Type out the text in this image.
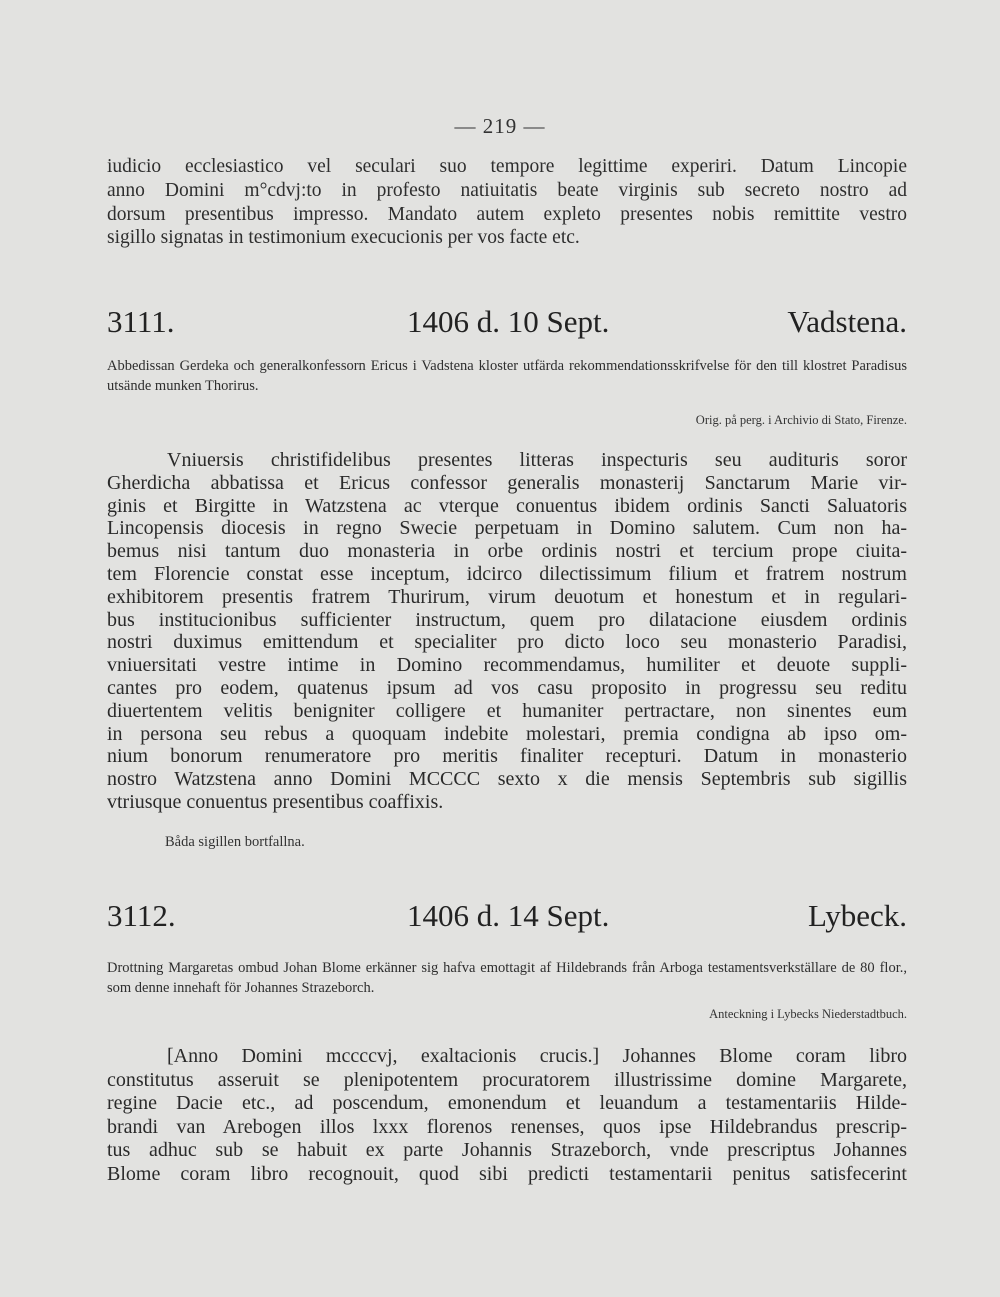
— 219 —
iudicio ecclesiastico vel seculari suo tempore legittime experiri. Datum Lincopie
anno Domini m°cdvj:to in profesto natiuitatis beate virginis sub secreto nostro ad
dorsum presentibus impresso. Mandato autem expleto presentes nobis remittite vestro
sigillo signatas in testimonium execucionis per vos facte etc.
3111.	1406 d. 10 Sept.	Vadstena.

Abbedissan Gerdeka och generalkonfessorn Ericus i Vadstena kloster utfärda rekommendationsskrifvelse för den till klostret Paradisus utsände munken Thorirus.

Orig. på perg. i Archivio di Stato, Firenze.
Vniuersis christifidelibus presentes litteras inspecturis seu audituris soror
Gherdicha abbatissa et Ericus confessor generalis monasterij Sanctarum Marie vir-
ginis et Birgitte in Watzstena ac vterque conuentus ibidem ordinis Sancti Saluatoris
Lincopensis diocesis in regno Swecie perpetuam in Domino salutem. Cum non ha-
bemus nisi tantum duo monasteria in orbe ordinis nostri et tercium prope ciuita-
tem Florencie constat esse inceptum, idcirco dilectissimum filium et fratrem nostrum
exhibitorem presentis fratrem Thurirum, virum deuotum et honestum et in regulari-
bus institucionibus sufficienter instructum, quem pro dilatacione eiusdem ordinis
nostri duximus emittendum et specialiter pro dicto loco seu monasterio Paradisi,
vniuersitati vestre intime in Domino recommendamus, humiliter et deuote suppli-
cantes pro eodem, quatenus ipsum ad vos casu proposito in progressu seu reditu
diuertentem velitis benigniter colligere et humaniter pertractare, non sinentes eum
in persona seu rebus a quoquam indebite molestari, premia condigna ab ipso om-
nium bonorum renumeratore pro meritis finaliter recepturi. Datum in monasterio
nostro Watzstena anno Domini MCCCC sexto x die mensis Septembris sub sigillis
vtriusque conuentus presentibus coaffixis.
Båda sigillen bortfallna.
3112.	1406 d. 14 Sept.	Lybeck.

Drottning Margaretas ombud Johan Blome erkänner sig hafva emottagit af Hildebrands från Arboga testamentsverkställare de 80 flor., som denne innehaft för Johannes Strazeborch.

Anteckning i Lybecks Niederstadtbuch.
[Anno Domini mccccvj, exaltacionis crucis.] Johannes Blome coram libro
constitutus asseruit se plenipotentem procuratorem illustrissime domine Margarete,
regine Dacie etc., ad poscendum, emonendum et leuandum a testamentariis Hilde-
brandi van Arebogen illos lxxx florenos renenses, quos ipse Hildebrandus prescrip-
tus adhuc sub se habuit ex parte Johannis Strazeborch, vnde prescriptus Johannes
Blome coram libro recognouit, quod sibi predicti testamentarii penitus satisfecerint
